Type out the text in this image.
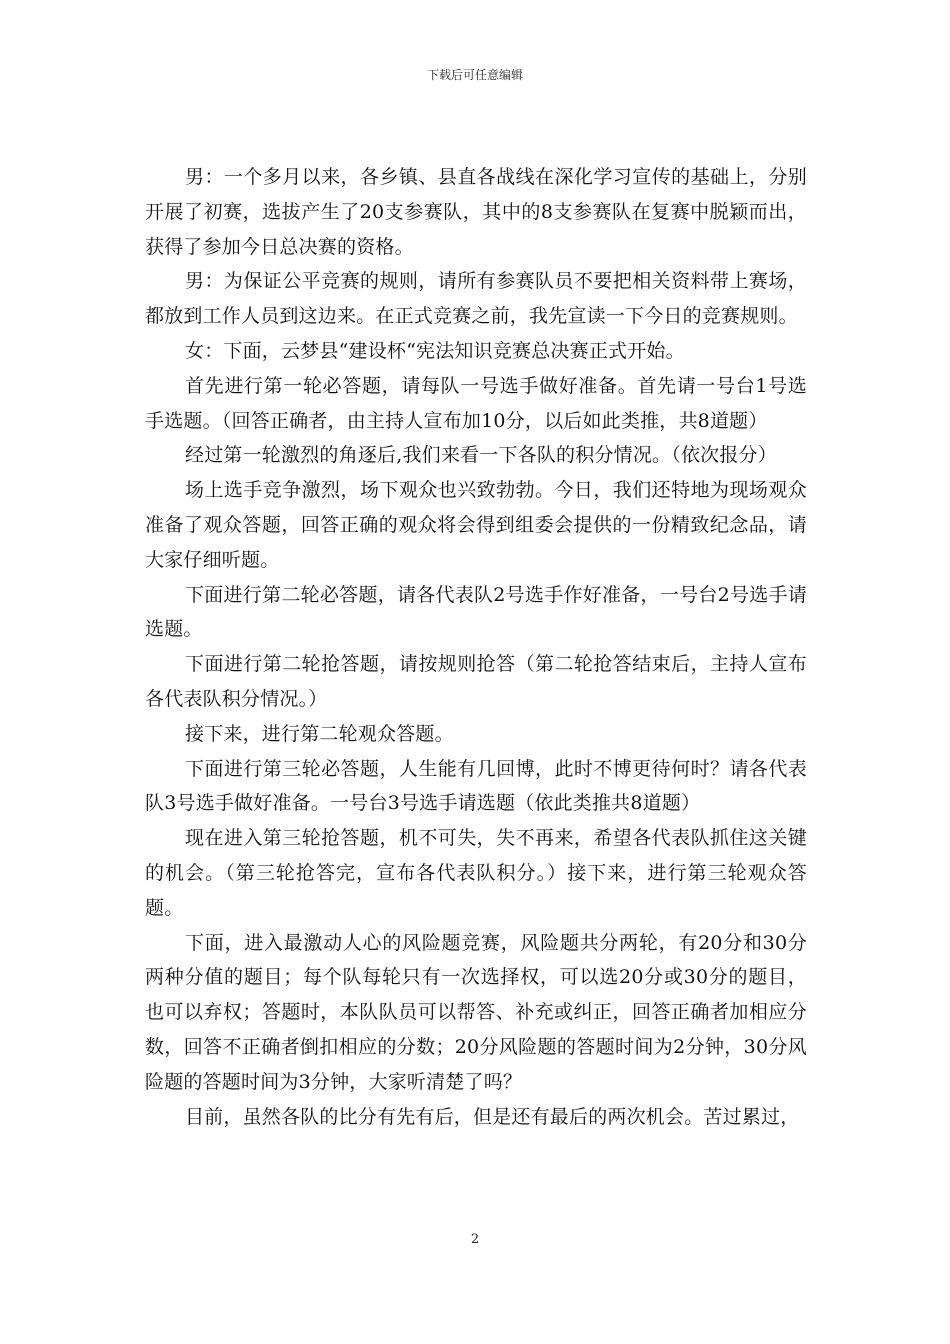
下载后可任意编辑

男：一个多月以来，各乡镇、县直各战线在深化学习宣传的基础上，分别开展了初赛，选拔产生了20支参赛队，其中的8支参赛队在复赛中脱颖而出，获得了参加今日总决赛的资格。

男：为保证公平竞赛的规则，请所有参赛队员不要把相关资料带上赛场，都放到工作人员到这边来。在正式竞赛之前，我先宣读一下今日的竞赛规则。

女：下面，云梦县“建设杯“宪法知识竞赛总决赛正式开始。

首先进行第一轮必答题，请每队一号选手做好准备。首先请一号台1号选手选题。（回答正确者，由主持人宣布加10分，以后如此类推，共8道题）

经过第一轮激烈的角逐后,我们来看一下各队的积分情况。（依次报分）

场上选手竞争激烈，场下观众也兴致勃勃。今日，我们还特地为现场观众准备了观众答题，回答正确的观众将会得到组委会提供的一份精致纪念品，请大家仔细听题。

下面进行第二轮必答题，请各代表队2号选手作好准备，一号台2号选手请选题。

下面进行第二轮抢答题，请按规则抢答（第二轮抢答结束后，主持人宣布各代表队积分情况。）

接下来，进行第二轮观众答题。

下面进行第三轮必答题，人生能有几回博，此时不博更待何时？请各代表队3号选手做好准备。一号台3号选手请选题（依此类推共8道题）

现在进入第三轮抢答题，机不可失，失不再来，希望各代表队抓住这关键的机会。（第三轮抢答完，宣布各代表队积分。）接下来，进行第三轮观众答题。

下面，进入最激动人心的风险题竞赛，风险题共分两轮，有20分和30分两种分值的题目；每个队每轮只有一次选择权，可以选20分或30分的题目，也可以弃权；答题时，本队队员可以帮答、补充或纠正，回答正确者加相应分数，回答不正确者倒扣相应的分数；20分风险题的答题时间为2分钟，30分风险题的答题时间为3分钟，大家听清楚了吗？

目前，虽然各队的比分有先有后，但是还有最后的两次机会。苦过累过，

2
